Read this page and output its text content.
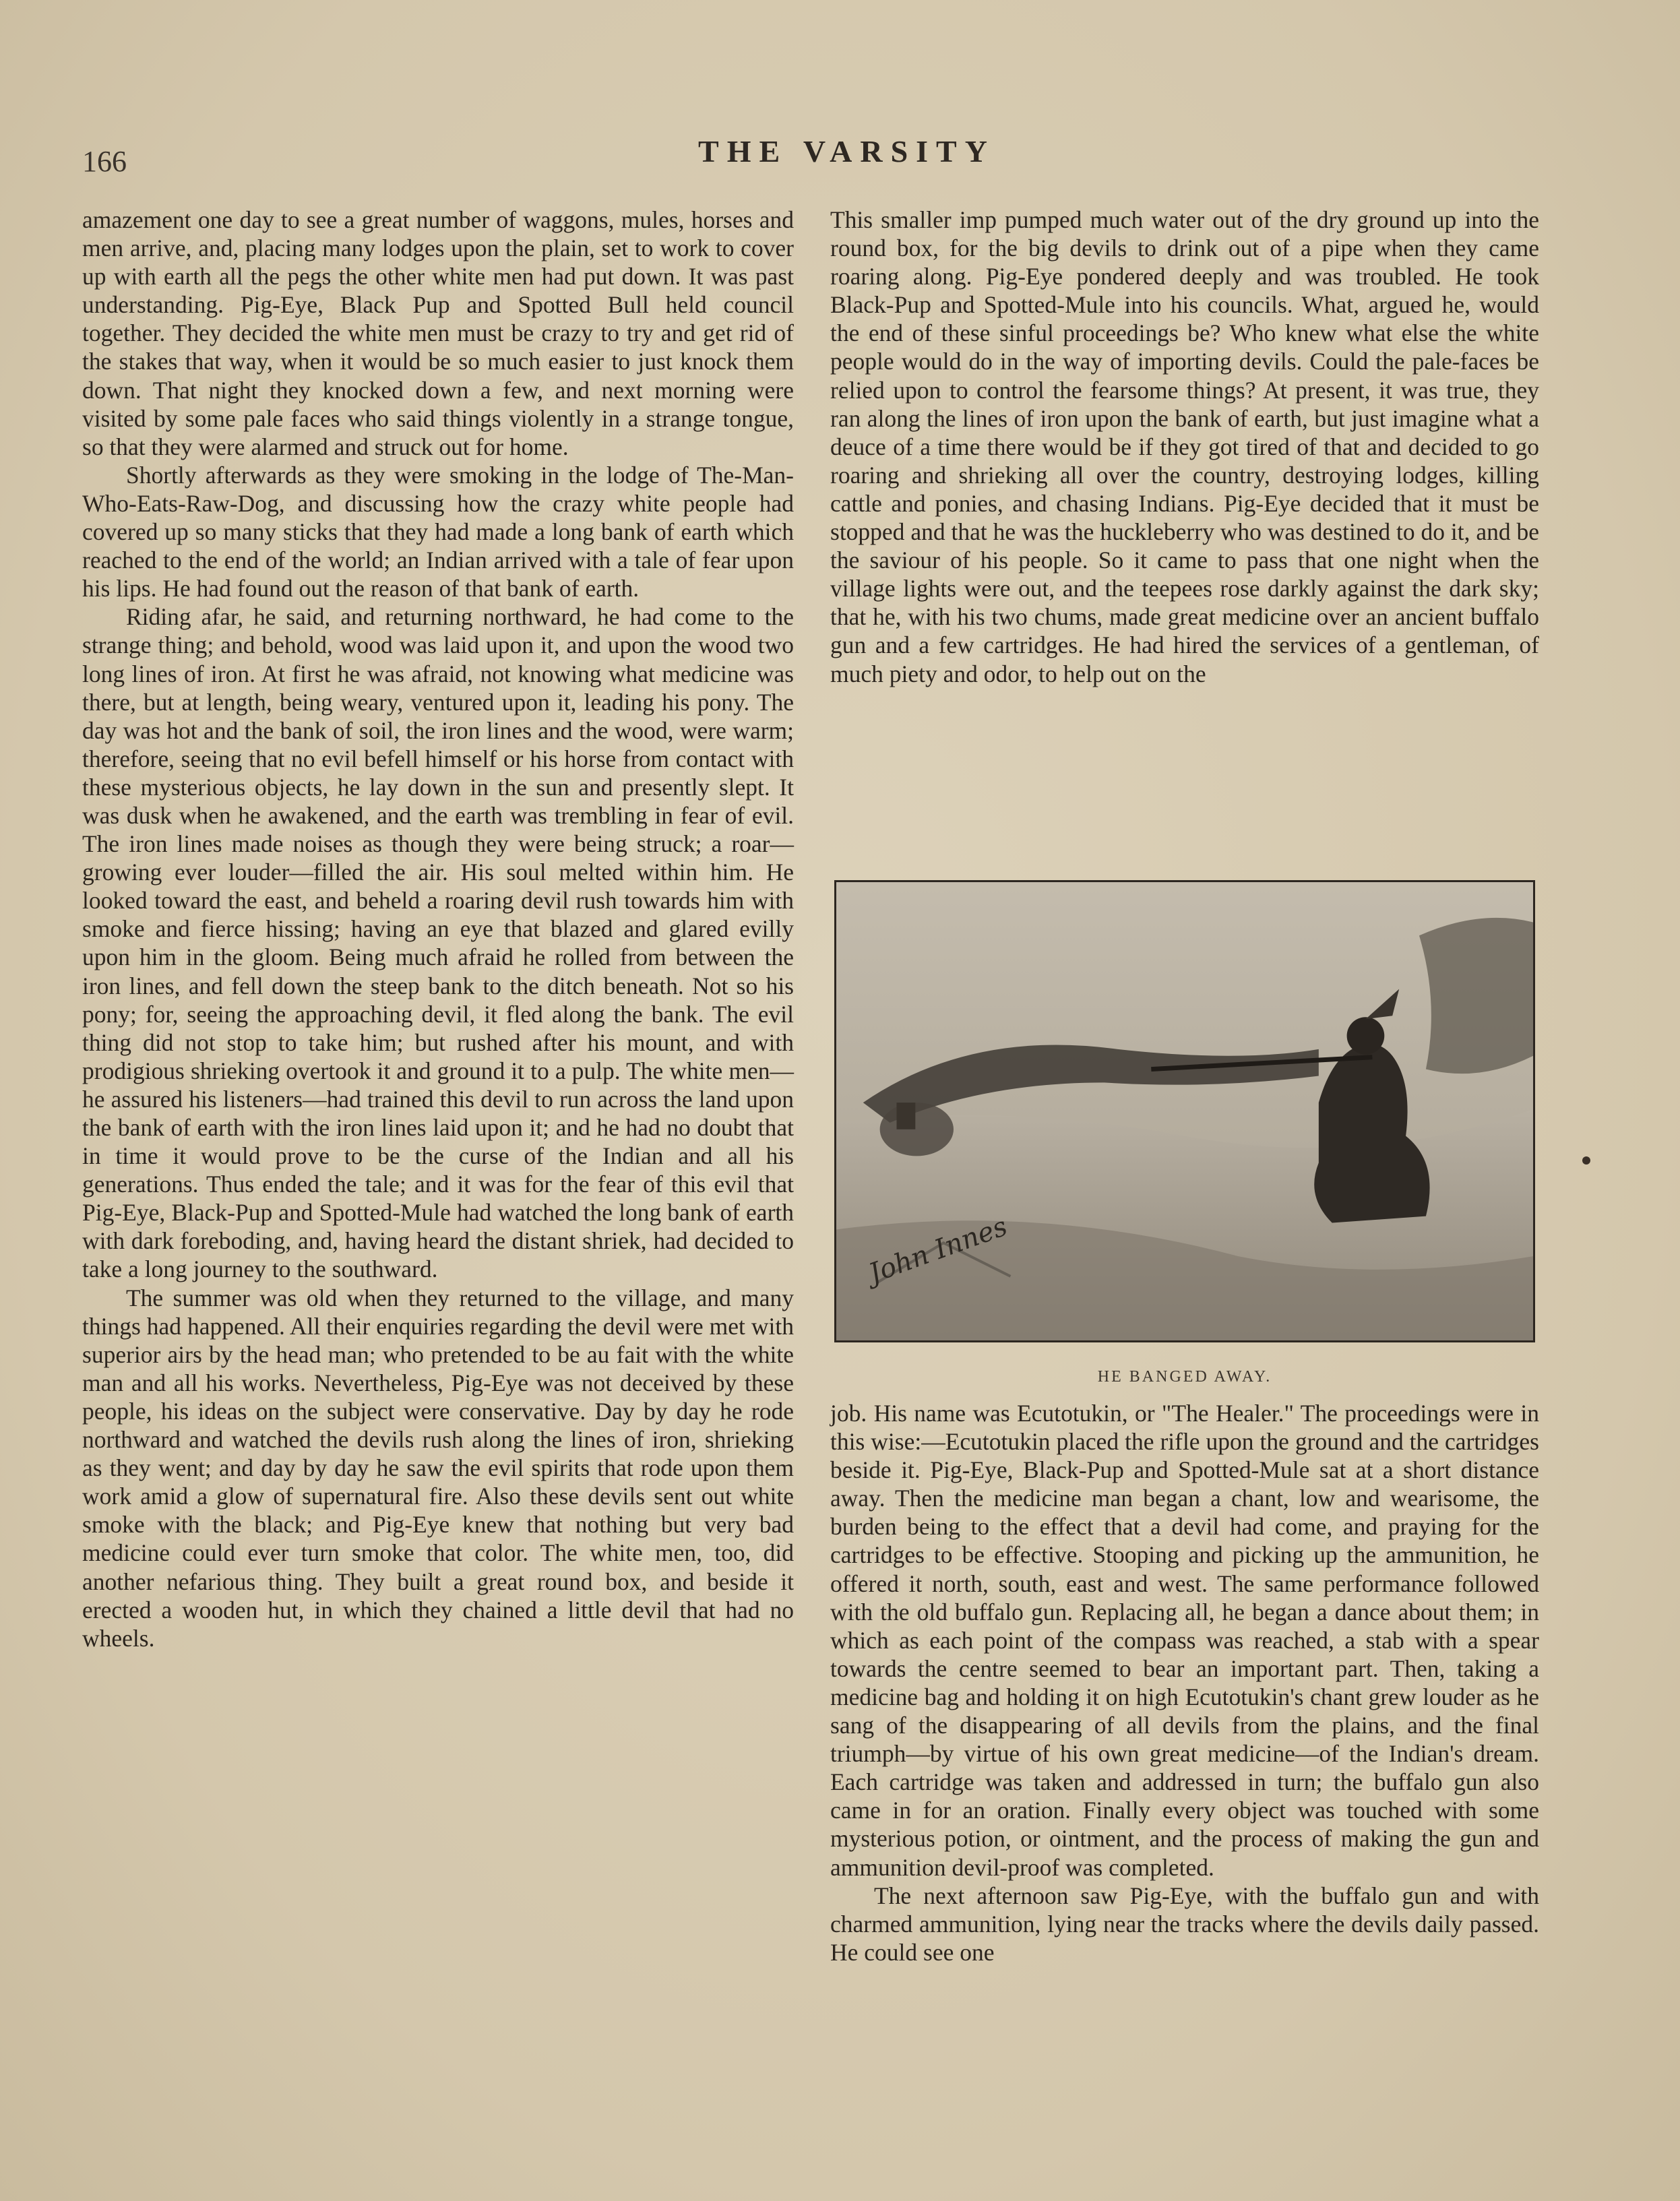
166	THE VARSITY

amazement one day to see a great number of waggons, mules, horses and men arrive, and, placing many lodges upon the plain, set to work to cover up with earth all the pegs the other white men had put down. It was past understanding. Pig-Eye, Black Pup and Spotted Bull held council together. They decided the white men must be crazy to try and get rid of the stakes that way, when it would be so much easier to just knock them down. That night they knocked down a few, and next morning were visited by some pale faces who said things violently in a strange tongue, so that they were alarmed and struck out for home.

Shortly afterwards as they were smoking in the lodge of The-Man-Who-Eats-Raw-Dog, and discussing how the crazy white people had covered up so many sticks that they had made a long bank of earth which reached to the end of the world; an Indian arrived with a tale of fear upon his lips. He had found out the reason of that bank of earth.

Riding afar, he said, and returning northward, he had come to the strange thing; and behold, wood was laid upon it, and upon the wood two long lines of iron. At first he was afraid, not knowing what medicine was there, but at length, being weary, ventured upon it, leading his pony. The day was hot and the bank of soil, the iron lines and the wood, were warm; therefore, seeing that no evil befell himself or his horse from contact with these mysterious objects, he lay down in the sun and presently slept. It was dusk when he awakened, and the earth was trembling in fear of evil. The iron lines made noises as though they were being struck; a roar—growing ever louder—filled the air. His soul melted within him. He looked toward the east, and beheld a roaring devil rush towards him with smoke and fierce hissing; having an eye that blazed and glared evilly upon him in the gloom. Being much afraid he rolled from between the iron lines, and fell down the steep bank to the ditch beneath. Not so his pony; for, seeing the approaching devil, it fled along the bank. The evil thing did not stop to take him; but rushed after his mount, and with prodigious shrieking overtook it and ground it to a pulp. The white men—he assured his listeners—had trained this devil to run across the land upon the bank of earth with the iron lines laid upon it; and he had no doubt that in time it would prove to be the curse of the Indian and all his generations. Thus ended the tale; and it was for the fear of this evil that Pig-Eye, Black-Pup and Spotted-Mule had watched the long bank of earth with dark foreboding, and, having heard the distant shriek, had decided to take a long journey to the southward.

The summer was old when they returned to the village, and many things had happened. All their enquiries regarding the devil were met with superior airs by the head man; who pretended to be au fait with the white man and all his works. Nevertheless, Pig-Eye was not deceived by these people, his ideas on the subject were conservative. Day by day he rode northward and watched the devils rush along the lines of iron, shrieking as they went; and day by day he saw the evil spirits that rode upon them work amid a glow of supernatural fire. Also these devils sent out white smoke with the black; and Pig-Eye knew that nothing but very bad medicine could ever turn smoke that color. The white men, too, did another nefarious thing. They built a great round box, and beside it erected a wooden hut, in which they chained a little devil that had no wheels.

This smaller imp pumped much water out of the dry ground up into the round box, for the big devils to drink out of a pipe when they came roaring along. Pig-Eye pondered deeply and was troubled. He took Black-Pup and Spotted-Mule into his councils. What, argued he, would the end of these sinful proceedings be? Who knew what else the white people would do in the way of importing devils. Could the pale-faces be relied upon to control the fearsome things? At present, it was true, they ran along the lines of iron upon the bank of earth, but just imagine what a deuce of a time there would be if they got tired of that and decided to go roaring and shrieking all over the country, destroying lodges, killing cattle and ponies, and chasing Indians. Pig-Eye decided that it must be stopped and that he was the huckleberry who was destined to do it, and be the saviour of his people. So it came to pass that one night when the village lights were out, and the teepees rose darkly against the dark sky; that he, with his two chums, made great medicine over an ancient buffalo gun and a few cartridges. He had hired the services of a gentleman, of much piety and odor, to help out on the

John Innes
HE BANGED AWAY.

job. His name was Ecutotukin, or "The Healer." The proceedings were in this wise:—Ecutotukin placed the rifle upon the ground and the cartridges beside it. Pig-Eye, Black-Pup and Spotted-Mule sat at a short distance away. Then the medicine man began a chant, low and wearisome, the burden being to the effect that a devil had come, and praying for the cartridges to be effective. Stooping and picking up the ammunition, he offered it north, south, east and west. The same performance followed with the old buffalo gun. Replacing all, he began a dance about them; in which as each point of the compass was reached, a stab with a spear towards the centre seemed to bear an important part. Then, taking a medicine bag and holding it on high Ecutotukin's chant grew louder as he sang of the disappearing of all devils from the plains, and the final triumph—by virtue of his own great medicine—of the Indian's dream. Each cartridge was taken and addressed in turn; the buffalo gun also came in for an oration. Finally every object was touched with some mysterious potion, or ointment, and the process of making the gun and ammunition devil-proof was completed.

The next afternoon saw Pig-Eye, with the buffalo gun and with charmed ammunition, lying near the tracks where the devils daily passed. He could see one
